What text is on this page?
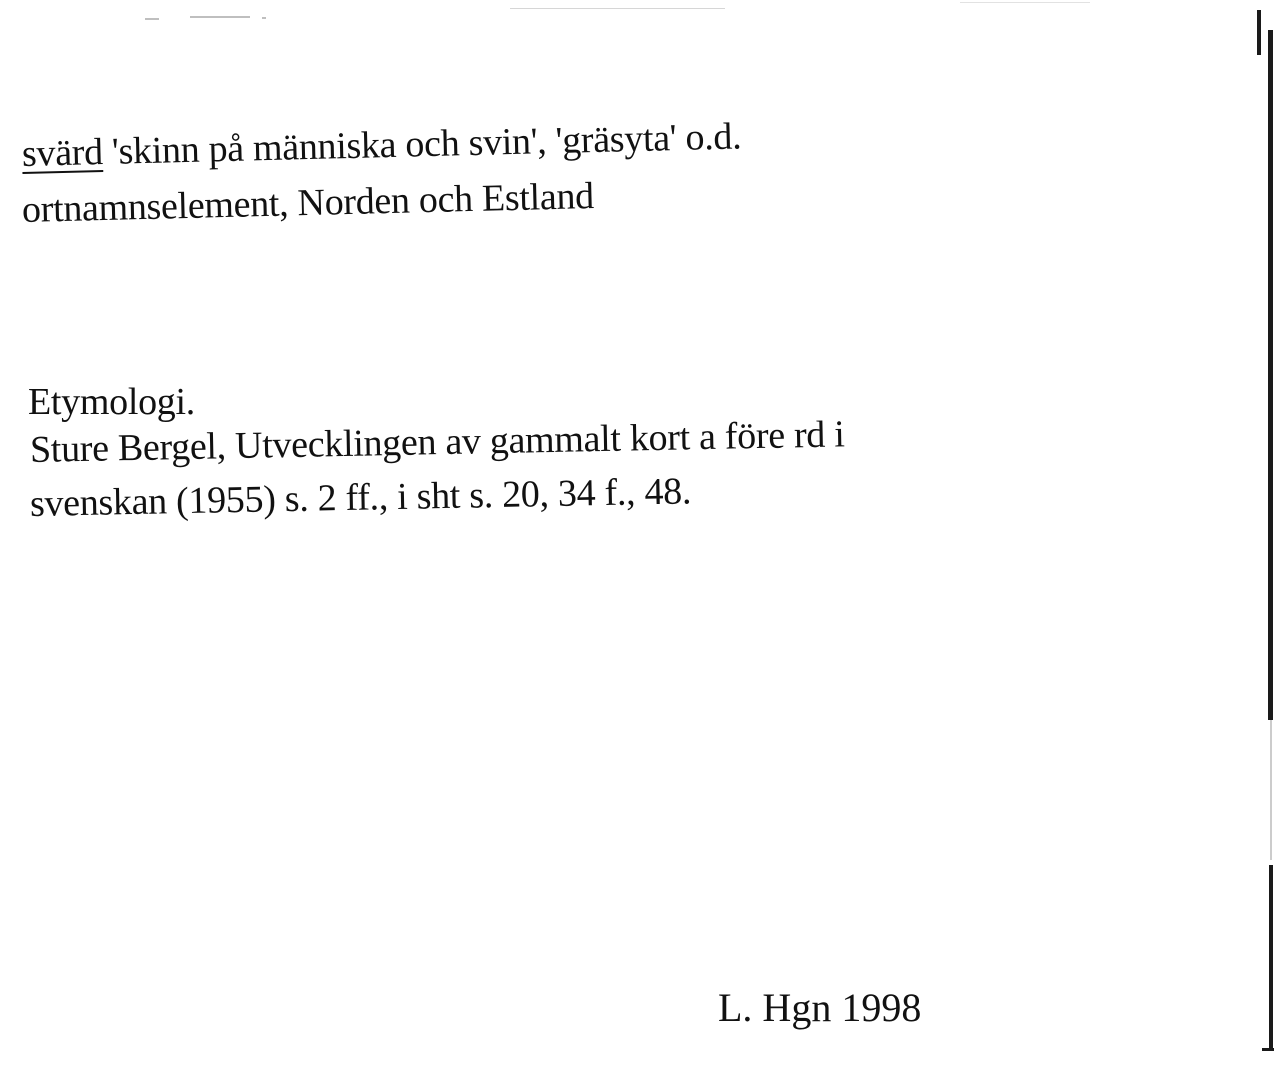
svärd 'skinn på människa och svin', 'gräsyta' o.d.
ortnamnselement, Norden och Estland
Etymologi.
Sture Bergel, Utvecklingen av gammalt kort a före rd i
svenskan (1955) s. 2 ff., i sht s. 20, 34 f., 48.
L. Hgn 1998
